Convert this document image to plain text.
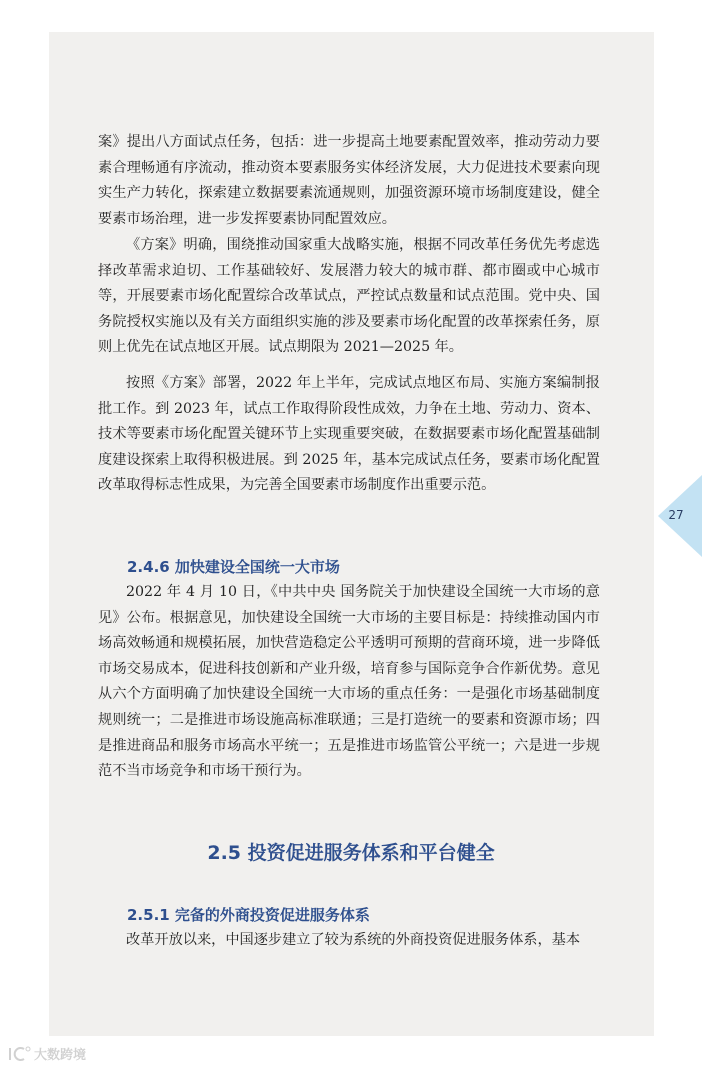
案》提出八方面试点任务，包括：进一步提高土地要素配置效率，推动劳动力要素合理畅通有序流动，推动资本要素服务实体经济发展，大力促进技术要素向现实生产力转化，探索建立数据要素流通规则，加强资源环境市场制度建设，健全要素市场治理，进一步发挥要素协同配置效应。

《方案》明确，围绕推动国家重大战略实施，根据不同改革任务优先考虑选择改革需求迫切、工作基础较好、发展潜力较大的城市群、都市圈或中心城市等，开展要素市场化配置综合改革试点，严控试点数量和试点范围。党中央、国务院授权实施以及有关方面组织实施的涉及要素市场化配置的改革探索任务，原则上优先在试点地区开展。试点期限为 2021—2025 年。

按照《方案》部署，2022 年上半年，完成试点地区布局、实施方案编制报批工作。到 2023 年，试点工作取得阶段性成效，力争在土地、劳动力、资本、技术等要素市场化配置关键环节上实现重要突破，在数据要素市场化配置基础制度建设探索上取得积极进展。到 2025 年，基本完成试点任务，要素市场化配置改革取得标志性成果，为完善全国要素市场制度作出重要示范。

2.4.6 加快建设全国统一大市场

2022 年 4 月 10 日，《中共中央 国务院关于加快建设全国统一大市场的意见》公布。根据意见，加快建设全国统一大市场的主要目标是：持续推动国内市场高效畅通和规模拓展，加快营造稳定公平透明可预期的营商环境，进一步降低市场交易成本，促进科技创新和产业升级，培育参与国际竞争合作新优势。意见从六个方面明确了加快建设全国统一大市场的重点任务：一是强化市场基础制度规则统一；二是推进市场设施高标准联通；三是打造统一的要素和资源市场；四是推进商品和服务市场高水平统一；五是推进市场监管公平统一；六是进一步规范不当市场竞争和市场干预行为。

2.5 投资促进服务体系和平台健全
2.5.1 完备的外商投资促进服务体系

改革开放以来，中国逐步建立了较为系统的外商投资促进服务体系，基本

27
大数跨境
